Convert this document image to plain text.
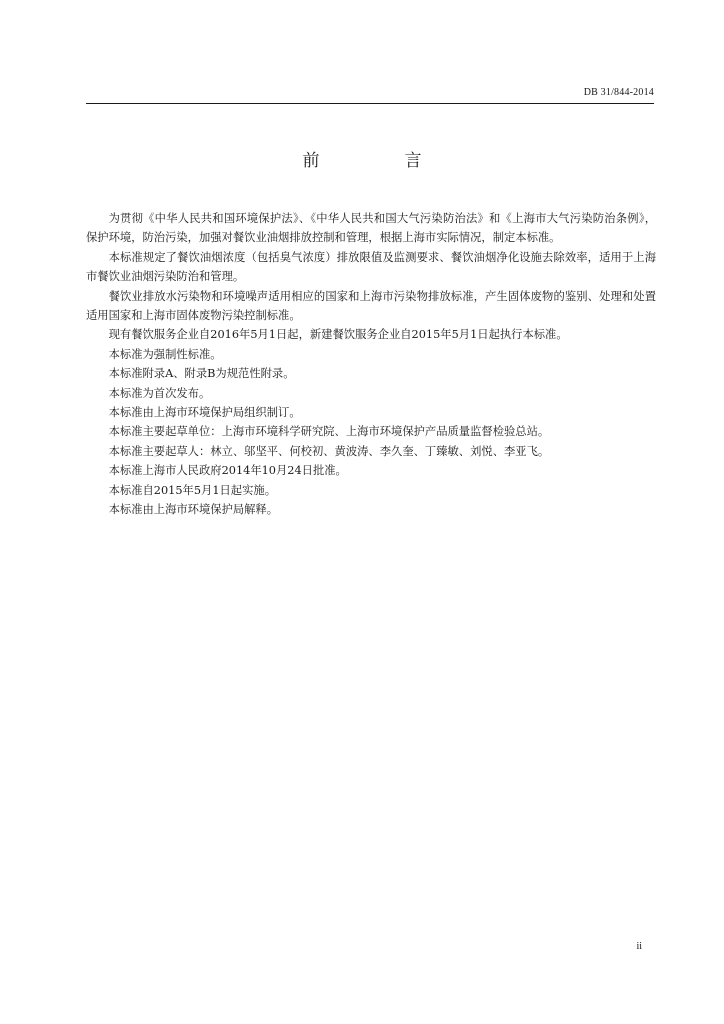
DB 31/844-2014
前　言

为贯彻《中华人民共和国环境保护法》、《中华人民共和国大气污染防治法》和《上海市大气污染防治条例》，保护环境，防治污染，加强对餐饮业油烟排放控制和管理，根据上海市实际情况，制定本标准。

本标准规定了餐饮油烟浓度（包括臭气浓度）排放限值及监测要求、餐饮油烟净化设施去除效率，适用于上海市餐饮业油烟污染防治和管理。

餐饮业排放水污染物和环境噪声适用相应的国家和上海市污染物排放标准，产生固体废物的鉴别、处理和处置适用国家和上海市固体废物污染控制标准。

现有餐饮服务企业自2016年5月1日起，新建餐饮服务企业自2015年5月1日起执行本标准。

本标准为强制性标准。

本标准附录A、附录B为规范性附录。

本标准为首次发布。

本标准由上海市环境保护局组织制订。

本标准主要起草单位：上海市环境科学研究院、上海市环境保护产品质量监督检验总站。

本标准主要起草人：林立、邬坚平、何校初、黄波涛、李久奎、丁臻敏、刘悦、李亚飞。

本标准上海市人民政府2014年10月24日批准。

本标准自2015年5月1日起实施。

本标准由上海市环境保护局解释。

ii
